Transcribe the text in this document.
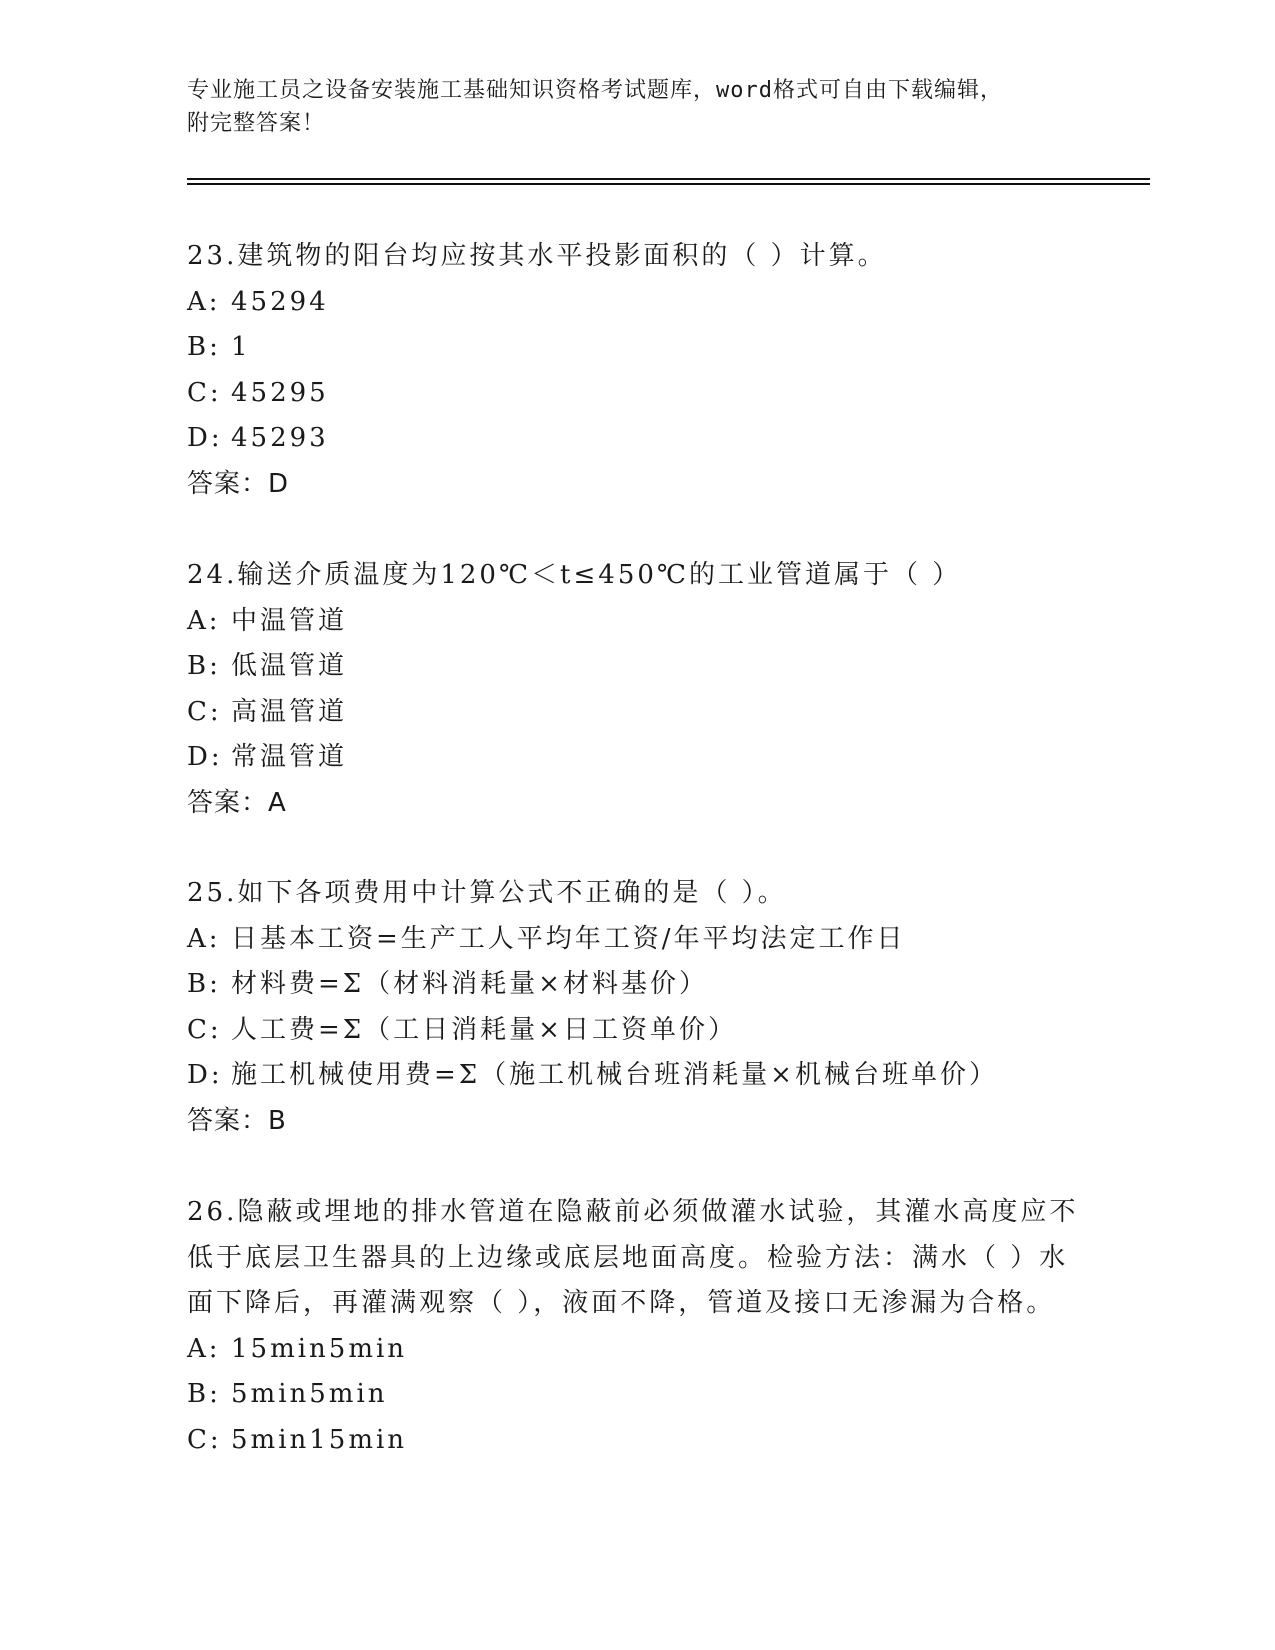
专业施工员之设备安装施工基础知识资格考试题库，word格式可自由下载编辑，
附完整答案！
23.建筑物的阳台均应按其水平投影面积的（ ）计算。
A: 45294
B: 1
C: 45295
D: 45293
答案：D
24.输送介质温度为120℃＜t≤450℃的工业管道属于（ ）
A: 中温管道
B: 低温管道
C: 高温管道
D: 常温管道
答案：A
25.如下各项费用中计算公式不正确的是（ ）。
A: 日基本工资=生产工人平均年工资/年平均法定工作日
B: 材料费=Σ（材料消耗量×材料基价）
C: 人工费=Σ（工日消耗量×日工资单价）
D: 施工机械使用费=Σ（施工机械台班消耗量×机械台班单价）
答案：B
26.隐蔽或埋地的排水管道在隐蔽前必须做灌水试验，其灌水高度应不
低于底层卫生器具的上边缘或底层地面高度。检验方法：满水（ ）水
面下降后，再灌满观察（ ），液面不降，管道及接口无渗漏为合格。
A: 15min5min
B: 5min5min
C: 5min15min
